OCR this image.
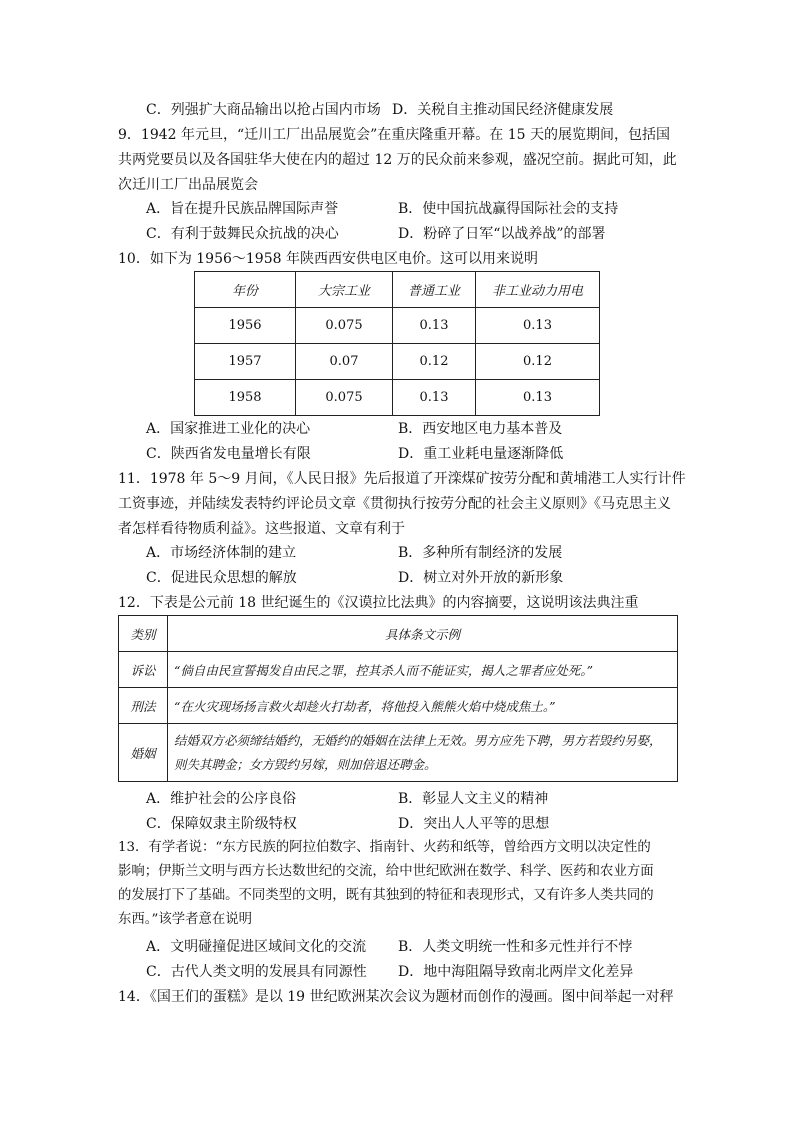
C．列强扩大商品输出以抢占国内市场 D．关税自主推动国民经济健康发展
9．1942 年元旦，“迁川工厂出品展览会”在重庆隆重开幕。在 15 天的展览期间，包括国
共两党要员以及各国驻华大使在内的超过 12 万的民众前来参观，盛况空前。据此可知，此
次迁川工厂出品展览会
A．旨在提升民族品牌国际声誉	B．使中国抗战赢得国际社会的支持
C．有利于鼓舞民众抗战的决心	D．粉碎了日军“以战养战”的部署
10．如下为 1956～1958 年陕西西安供电区电价。这可以用来说明
年份	大宗工业	普通工业	非工业动力用电
1956	0.075	0.13	0.13
1957	0.07	0.12	0.12
1958	0.075	0.13	0.13
A．国家推进工业化的决心	B．西安地区电力基本普及
C．陕西省发电量增长有限	D．重工业耗电量逐渐降低
11．1978 年 5～9 月间，《人民日报》先后报道了开滦煤矿按劳分配和黄埔港工人实行计件
工资事迹，并陆续发表特约评论员文章《贯彻执行按劳分配的社会主义原则》《马克思主义
者怎样看待物质利益》。这些报道、文章有利于
A．市场经济体制的建立	B．多种所有制经济的发展
C．促进民众思想的解放	D．树立对外开放的新形象
12．下表是公元前 18 世纪诞生的《汉谟拉比法典》的内容摘要，这说明该法典注重
类别	具体条文示例
诉讼	“倘自由民宣誓揭发自由民之罪，控其杀人而不能证实，揭人之罪者应处死。”
刑法	“在火灾现场扬言救火却趁火打劫者，将他投入熊熊火焰中烧成焦土。”
婚姻	结婚双方必须缔结婚约，无婚约的婚姻在法律上无效。男方应先下聘，男方若毁约另娶，则失其聘金；女方毁约另嫁，则加倍退还聘金。
A．维护社会的公序良俗	B．彰显人文主义的精神
C．保障奴隶主阶级特权	D．突出人人平等的思想
13．有学者说：“东方民族的阿拉伯数字、指南针、火药和纸等，曾给西方文明以决定性的
影响；伊斯兰文明与西方长达数世纪的交流，给中世纪欧洲在数学、科学、医药和农业方面
的发展打下了基础。不同类型的文明，既有其独到的特征和表现形式，又有许多人类共同的
东西。”该学者意在说明
A．文明碰撞促进区域间文化的交流 B．人类文明统一性和多元性并行不悖
C．古代人类文明的发展具有同源性 D．地中海阻隔导致南北两岸文化差异
14．《国王们的蛋糕》是以 19 世纪欧洲某次会议为题材而创作的漫画。图中间举起一对秤
